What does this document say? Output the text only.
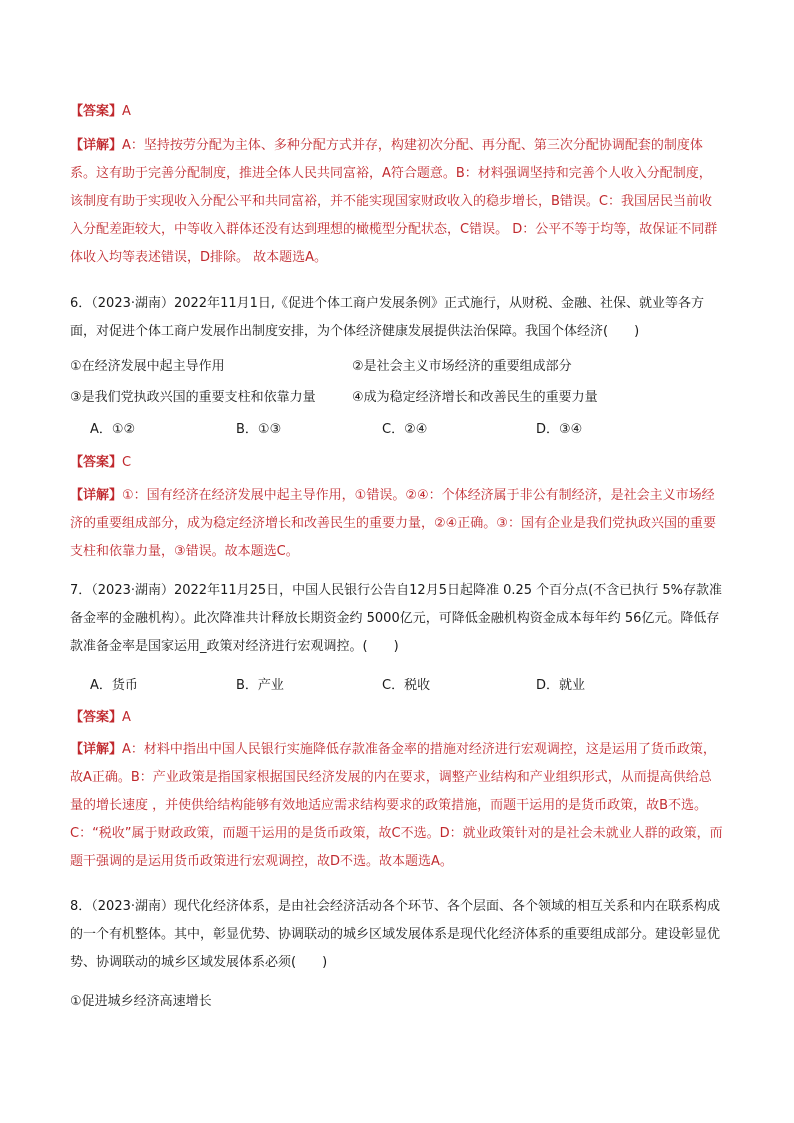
【答案】A

【详解】A：坚持按劳分配为主体、多种分配方式并存，构建初次分配、再分配、第三次分配协调配套的制度体系。这有助于完善分配制度，推进全体人民共同富裕，A符合题意。B：材料强调坚持和完善个人收入分配制度，该制度有助于实现收入分配公平和共同富裕，并不能实现国家财政收入的稳步增长，B错误。C：我国居民当前收入分配差距较大，中等收入群体还没有达到理想的橄榄型分配状态，C错误。 D：公平不等于均等，故保证不同群体收入均等表述错误，D排除。 故本题选A。

6．（2023·湖南）2022年11月1日,《促进个体工商户发展条例》正式施行，从财税、金融、社保、就业等各方面，对促进个体工商户发展作出制度安排，为个体经济健康发展提供法治保障。我国个体经济(　　)

①在经济发展中起主导作用	②是社会主义市场经济的重要组成部分
③是我们党执政兴国的重要支柱和依靠力量	④成为稳定经济增长和改善民生的重要力量
A．①②	B．①③	C．②④	D．③④

【答案】C

【详解】①：国有经济在经济发展中起主导作用，①错误。②④：个体经济属于非公有制经济，是社会主义市场经济的重要组成部分，成为稳定经济增长和改善民生的重要力量，②④正确。③：国有企业是我们党执政兴国的重要支柱和依靠力量，③错误。故本题选C。

7．（2023·湖南）2022年11月25日，中国人民银行公告自12月5日起降准 0.25 个百分点(不含已执行 5%存款准备金率的金融机构）。此次降准共计释放长期资金约 5000亿元，可降低金融机构资金成本每年约 56亿元。降低存款准备金率是国家运用_政策对经济进行宏观调控。(　　)

A．货币	B．产业	C．税收	D．就业

【答案】A

【详解】A：材料中指出中国人民银行实施降低存款准备金率的措施对经济进行宏观调控，这是运用了货币政策，故A正确。B：产业政策是指国家根据国民经济发展的内在要求，调整产业结构和产业组织形式，从而提高供给总量的增长速度 ，并使供给结构能够有效地适应需求结构要求的政策措施，而题干运用的是货币政策，故B不选。C：“税收”属于财政政策，而题干运用的是货币政策，故C不选。D：就业政策针对的是社会未就业人群的政策，而题干强调的是运用货币政策进行宏观调控，故D不选。故本题选A。

8．（2023·湖南）现代化经济体系，是由社会经济活动各个环节、各个层面、各个领域的相互关系和内在联系构成的一个有机整体。其中，彰显优势、协调联动的城乡区域发展体系是现代化经济体系的重要组成部分。建设彰显优势、协调联动的城乡区域发展体系必须(　　)

①促进城乡经济高速增长
